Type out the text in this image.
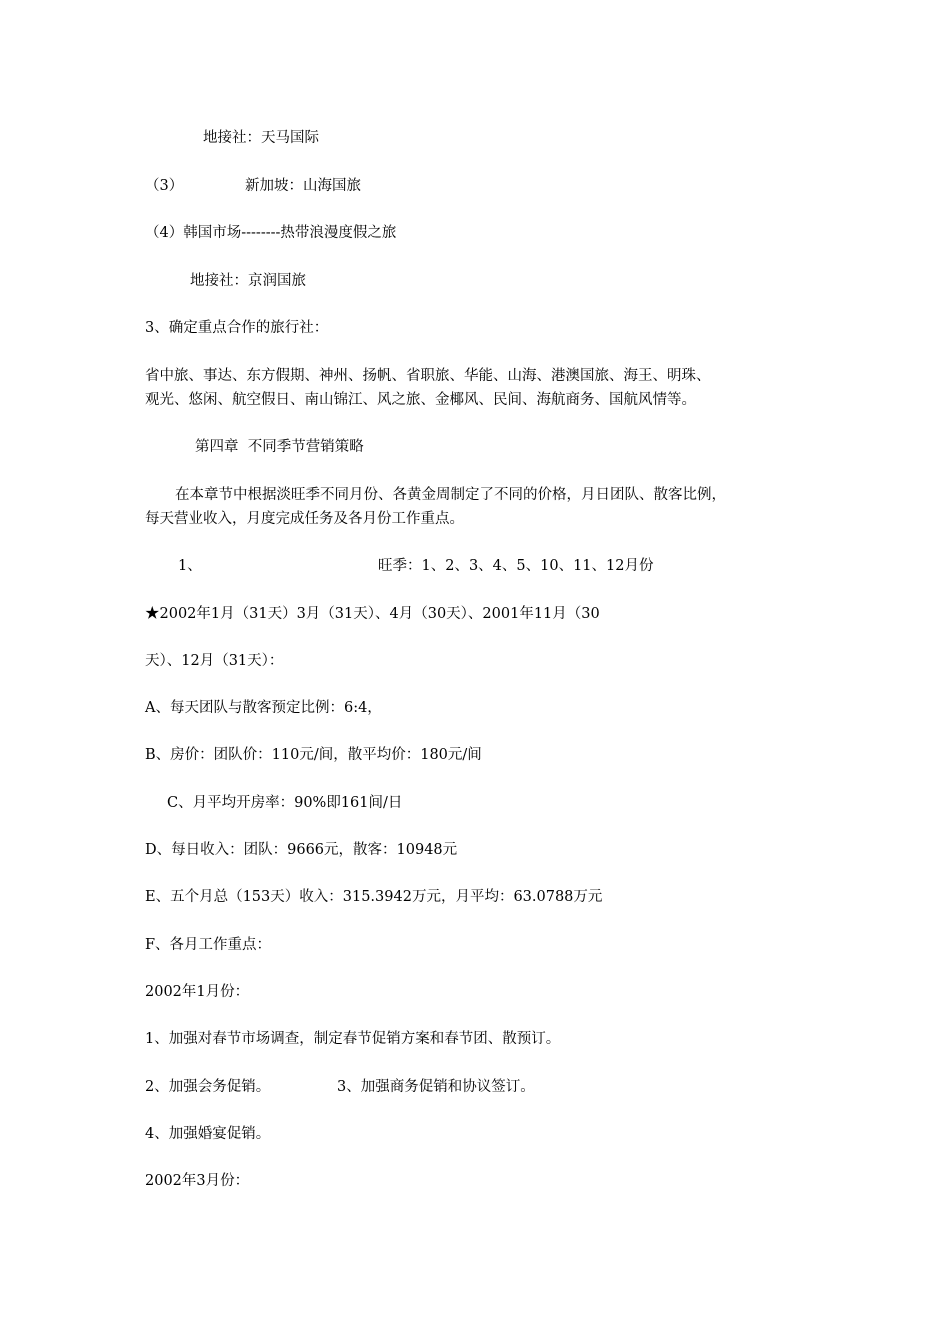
地接社：天马国际
（3）	新加坡：山海国旅
（4）韩国市场--------热带浪漫度假之旅
地接社：京润国旅
3、确定重点合作的旅行社：
省中旅、事达、东方假期、神州、扬帆、省职旅、华能、山海、港澳国旅、海王、明珠、
观光、悠闲、航空假日、南山锦江、风之旅、金椰风、民间、海航商务、国航风情等。
第四章  不同季节营销策略
在本章节中根据淡旺季不同月份、各黄金周制定了不同的价格，月日团队、散客比例，
每天营业收入，月度完成任务及各月份工作重点。
1、	旺季：1、2、3、4、5、10、11、12月份
★2002年1月（31天）3月（31天）、4月（30天）、2001年11月（30
天）、12月（31天）：
A、每天团队与散客预定比例：6:4，
B、房价：团队价：110元/间，散平均价：180元/间
C、月平均开房率：90%即161间/日
D、每日收入：团队：9666元，散客：10948元
E、五个月总（153天）收入：315.3942万元，月平均：63.0788万元
F、各月工作重点：
2002年1月份：
1、加强对春节市场调查，制定春节促销方案和春节团、散预订。
2、加强会务促销。	3、加强商务促销和协议签订。
4、加强婚宴促销。
2002年3月份：
